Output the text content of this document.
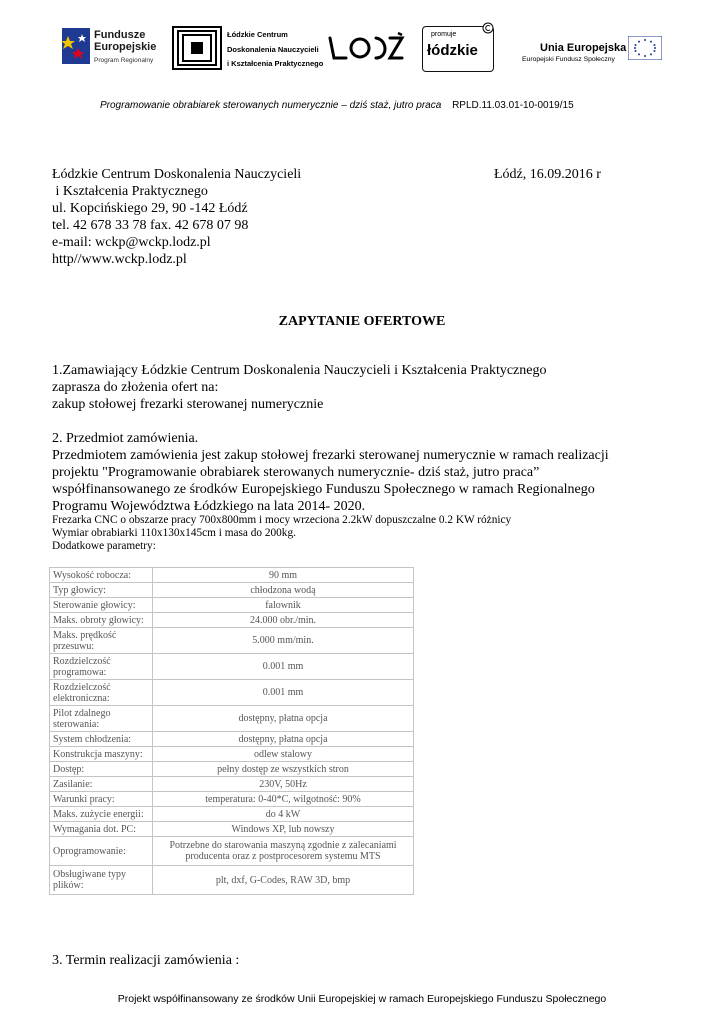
Fundusze
Europejskie
Program Regionalny
Łódzkie Centrum
Doskonalenia Nauczycieli
i Kształcenia Praktycznego
promuje
łódzkie	Unia Europejska
Europejski Fundusz Społeczny
Programowanie obrabiarek sterowanych numerycznie – dziś staż, jutro praca RPLD.11.03.01-10-0019/15
Łódzkie Centrum Doskonalenia Nauczycieli
i Kształcenia Praktycznego
ul. Kopcińskiego 29, 90 -142 Łódź
tel. 42 678 33 78 fax. 42 678 07 98
e-mail: wckp@wckp.lodz.pl
http//www.wckp.lodz.pl
Łódź, 16.09.2016 r
ZAPYTANIE OFERTOWE
1.Zamawiający Łódzkie Centrum Doskonalenia Nauczycieli i Kształcenia Praktycznego
zaprasza do złożenia ofert na:
zakup stołowej frezarki sterowanej numerycznie
2. Przedmiot zamówienia.
Przedmiotem zamówienia jest zakup stołowej frezarki sterowanej numerycznie w ramach realizacji
projektu "Programowanie obrabiarek sterowanych numerycznie- dziś staż, jutro praca”
współfinansowanego ze środków Europejskiego Funduszu Społecznego w ramach Regionalnego
Programu Województwa Łódzkiego na lata 2014- 2020.
Frezarka CNC o obszarze pracy 700x800mm i mocy wrzeciona 2.2kW dopuszczalne 0.2 KW różnicy
Wymiar obrabiarki 110x130x145cm i masa do 200kg.
Dodatkowe parametry:
Wysokość robocza:	90 mm
Typ głowicy:	chłodzona wodą
Sterowanie głowicy:	falownik
Maks. obroty głowicy:	24.000 obr./min.
Maks. prędkość przesuwu:	5.000 mm/min.
Rozdzielczość programowa:	0.001 mm
Rozdzielczość elektroniczna:	0.001 mm
Pilot zdalnego sterowania:	dostępny, płatna opcja
System chłodzenia:	dostępny, płatna opcja
Konstrukcja maszyny:	odlew stalowy
Dostęp:	pełny dostęp ze wszystkich stron
Zasilanie:	230V, 50Hz
Warunki pracy:	temperatura: 0-40*C, wilgotność: 90%
Maks. zużycie energii:	do 4 kW
Wymagania dot. PC:	Windows XP, lub nowszy
Oprogramowanie:	Potrzebne do starowania maszyną zgodnie z zalecaniami producenta oraz z postprocesorem systemu MTS
Obsługiwane typy plików:	plt, dxf, G-Codes, RAW 3D, bmp
3. Termin realizacji zamówienia :
Projekt współfinansowany ze środków Unii Europejskiej w ramach Europejskiego Funduszu Społecznego
